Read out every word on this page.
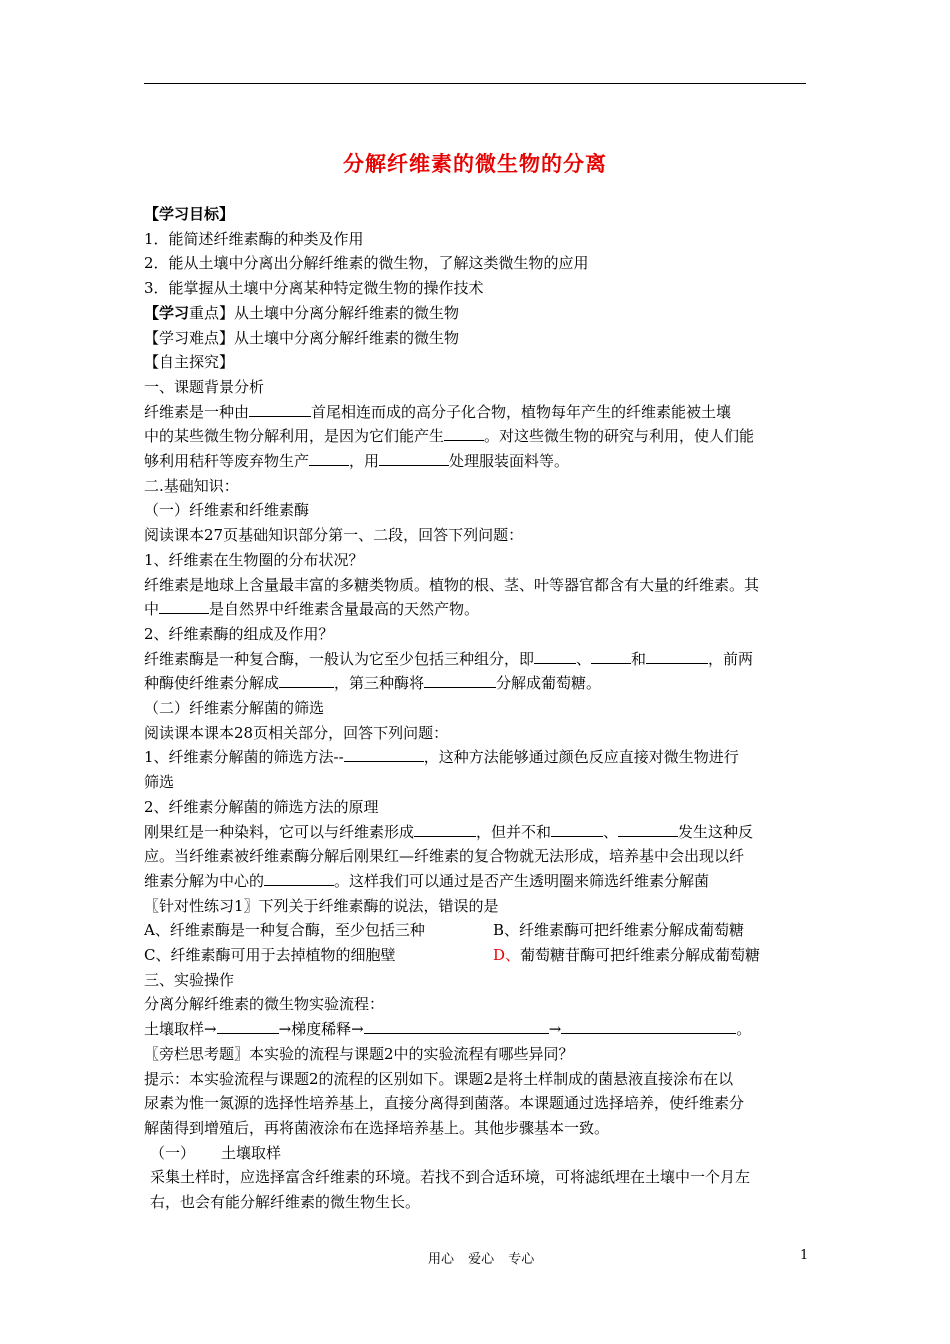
分解纤维素的微生物的分离

【学习目标】

1．能简述纤维素酶的种类及作用

2．能从土壤中分离出分解纤维素的微生物，了解这类微生物的应用

3．能掌握从土壤中分离某种特定微生物的操作技术

【学习重点】从土壤中分离分解纤维素的微生物

【学习难点】从土壤中分离分解纤维素的微生物

【自主探究】

一、课题背景分析

纤维素是一种由	首尾相连而成的高分子化合物，植物每年产生的纤维素能被土壤

中的某些微生物分解利用，是因为它们能产生	。对这些微生物的研究与利用，使人们能

够利用秸秆等废弃物生产	，用	处理服装面料等。

二.基础知识：

（一）纤维素和纤维素酶

阅读课本27页基础知识部分第一、二段，回答下列问题：

1、纤维素在生物圈的分布状况？

纤维素是地球上含量最丰富的多糖类物质。植物的根、茎、叶等器官都含有大量的纤维素。其

中	是自然界中纤维素含量最高的天然产物。

2、纤维素酶的组成及作用？

纤维素酶是一种复合酶，一般认为它至少包括三种组分，即	、	和	，前两

种酶使纤维素分解成	，第三种酶将	分解成葡萄糖。

（二）纤维素分解菌的筛选

阅读课本课本28页相关部分，回答下列问题：

1、纤维素分解菌的筛选方法--	，这种方法能够通过颜色反应直接对微生物进行

筛选

2、纤维素分解菌的筛选方法的原理

刚果红是一种染料，它可以与纤维素形成	，但并不和	、	发生这种反

应。当纤维素被纤维素酶分解后刚果红—纤维素的复合物就无法形成，培养基中会出现以纤

维素分解为中心的	。这样我们可以通过是否产生透明圈来筛选纤维素分解菌

〖针对性练习1〗下列关于纤维素酶的说法，错误的是

A、纤维素酶是一种复合酶，至少包括三种	B、纤维素酶可把纤维素分解成葡萄糖
C、纤维素酶可用于去掉植物的细胞壁	D、葡萄糖苷酶可把纤维素分解成葡萄糖

三、实验操作

分离分解纤维素的微生物实验流程：

土壤取样→	→梯度稀释→	→	。

〖旁栏思考题〗本实验的流程与课题2中的实验流程有哪些异同？

提示：本实验流程与课题2的流程的区别如下。课题2是将土样制成的菌悬液直接涂布在以

尿素为惟一氮源的选择性培养基上，直接分离得到菌落。本课题通过选择培养，使纤维素分

解菌得到增殖后，再将菌液涂布在选择培养基上。其他步骤基本一致。

（一） 土壤取样

采集土样时，应选择富含纤维素的环境。若找不到合适环境，可将滤纸埋在土壤中一个月左

右，也会有能分解纤维素的微生物生长。

用心 爱心 专心	1
